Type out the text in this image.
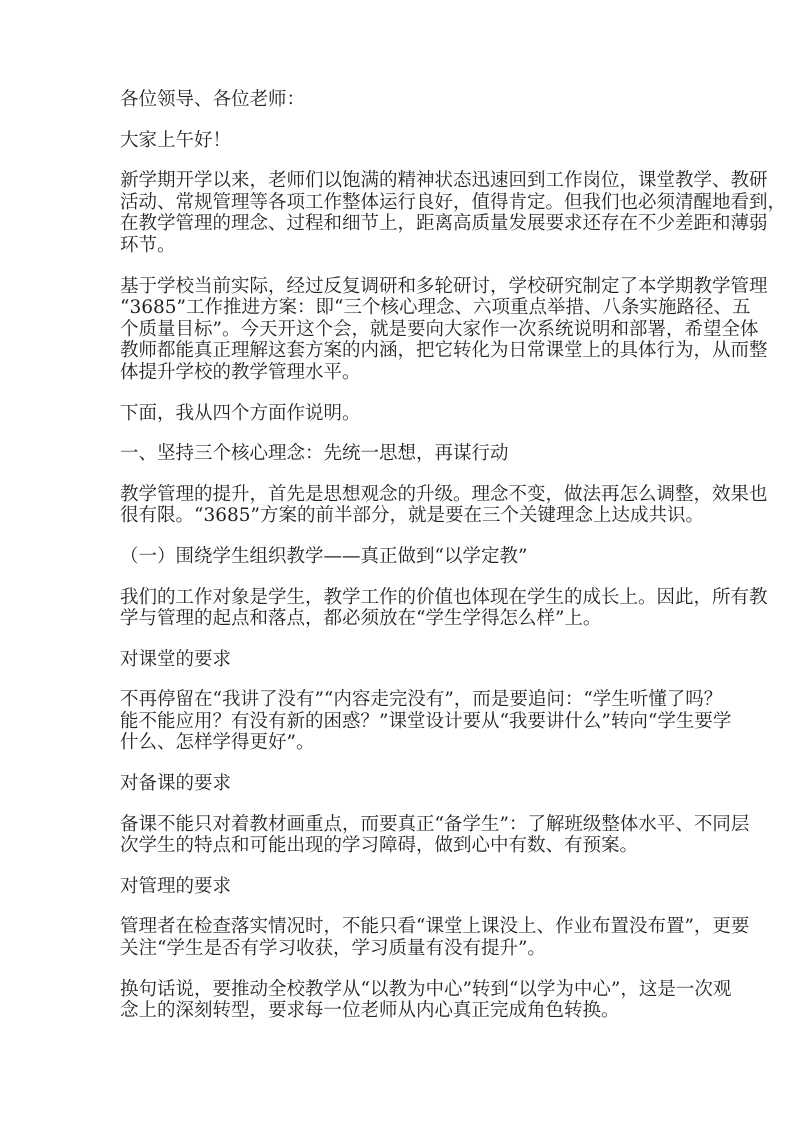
各位领导、各位老师：
大家上午好！
新学期开学以来，老师们以饱满的精神状态迅速回到工作岗位，课堂教学、教研
活动、常规管理等各项工作整体运行良好，值得肯定。但我们也必须清醒地看到，
在教学管理的理念、过程和细节上，距离高质量发展要求还存在不少差距和薄弱
环节。
基于学校当前实际，经过反复调研和多轮研讨，学校研究制定了本学期教学管理
“3685”工作推进方案：即“三个核心理念、六项重点举措、八条实施路径、五
个质量目标”。今天开这个会，就是要向大家作一次系统说明和部署，希望全体
教师都能真正理解这套方案的内涵，把它转化为日常课堂上的具体行为，从而整
体提升学校的教学管理水平。
下面，我从四个方面作说明。
一、坚持三个核心理念：先统一思想，再谋行动
教学管理的提升，首先是思想观念的升级。理念不变，做法再怎么调整，效果也
很有限。“3685”方案的前半部分，就是要在三个关键理念上达成共识。
（一）围绕学生组织教学——真正做到“以学定教”
我们的工作对象是学生，教学工作的价值也体现在学生的成长上。因此，所有教
学与管理的起点和落点，都必须放在“学生学得怎么样”上。
对课堂的要求
不再停留在“我讲了没有”“内容走完没有”，而是要追问：“学生听懂了吗？
能不能应用？有没有新的困惑？”课堂设计要从“我要讲什么”转向“学生要学
什么、怎样学得更好”。
对备课的要求
备课不能只对着教材画重点，而要真正“备学生”：了解班级整体水平、不同层
次学生的特点和可能出现的学习障碍，做到心中有数、有预案。
对管理的要求
管理者在检查落实情况时，不能只看“课堂上课没上、作业布置没布置”，更要
关注“学生是否有学习收获，学习质量有没有提升”。
换句话说，要推动全校教学从“以教为中心”转到“以学为中心”，这是一次观
念上的深刻转型，要求每一位老师从内心真正完成角色转换。
